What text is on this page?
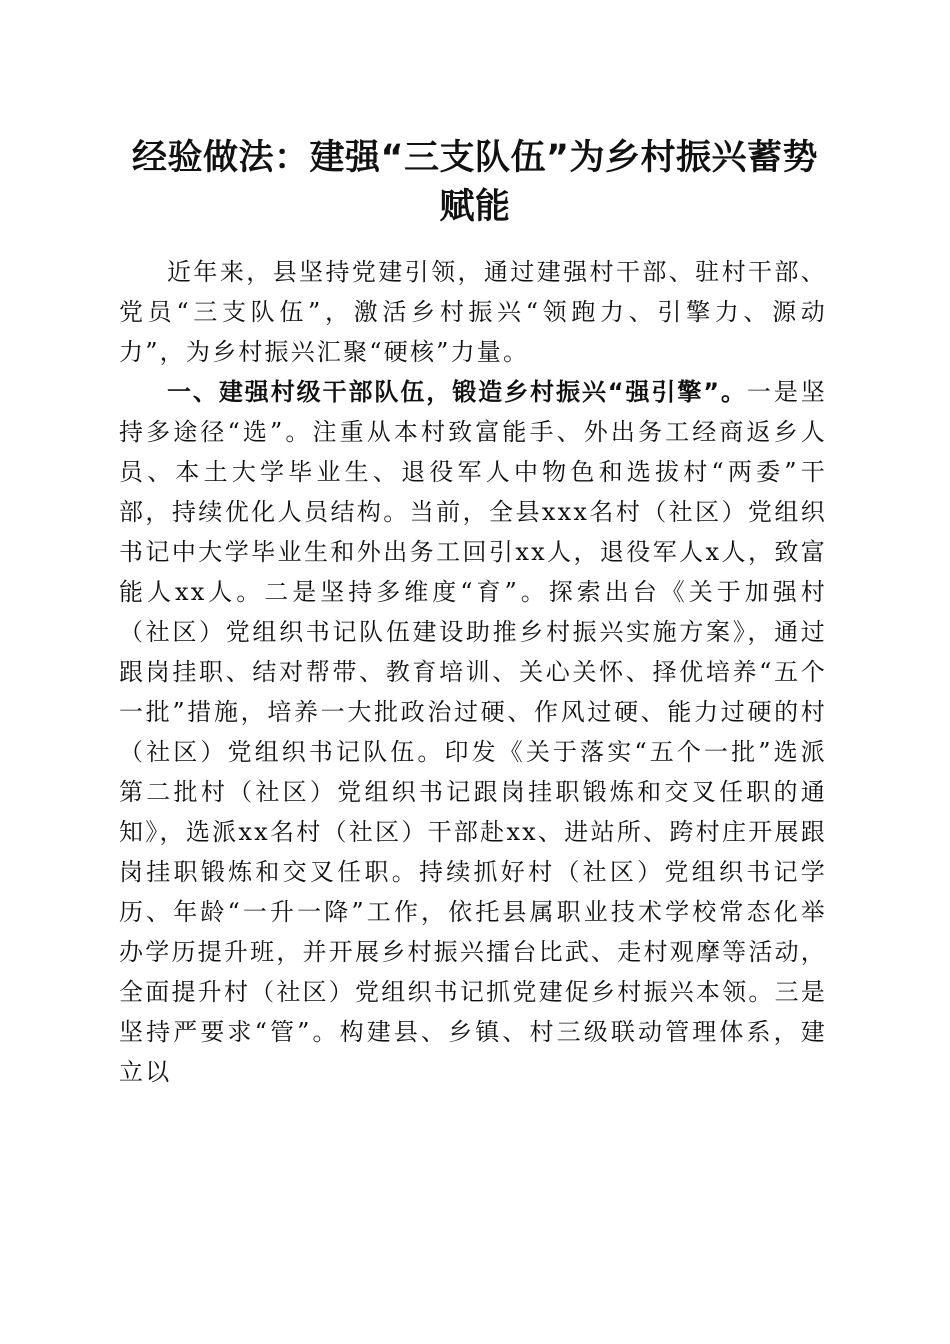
经验做法：建强“三支队伍”为乡村振兴蓄势
赋能

近年来，县坚持党建引领，通过建强村干部、驻村干部、党员“三支队伍”，激活乡村振兴“领跑力、引擎力、源动力”，为乡村振兴汇聚“硬核”力量。

一、建强村级干部队伍，锻造乡村振兴“强引擎”。一是坚持多途径“选”。注重从本村致富能手、外出务工经商返乡人员、本土大学毕业生、退役军人中物色和选拔村“两委”干部，持续优化人员结构。当前，全县xxx名村（社区）党组织书记中大学毕业生和外出务工回引xx人，退役军人x人，致富能人xx人。二是坚持多维度“育”。探索出台《关于加强村（社区）党组织书记队伍建设助推乡村振兴实施方案》，通过跟岗挂职、结对帮带、教育培训、关心关怀、择优培养“五个一批”措施，培养一大批政治过硬、作风过硬、能力过硬的村（社区）党组织书记队伍。印发《关于落实“五个一批”选派第二批村（社区）党组织书记跟岗挂职锻炼和交叉任职的通知》，选派xx名村（社区）干部赴xx、进站所、跨村庄开展跟岗挂职锻炼和交叉任职。持续抓好村（社区）党组织书记学历、年龄“一升一降”工作，依托县属职业技术学校常态化举办学历提升班，并开展乡村振兴擂台比武、走村观摩等活动，全面提升村（社区）党组织书记抓党建促乡村振兴本领。三是坚持严要求“管”。构建县、乡镇、村三级联动管理体系，建立以
